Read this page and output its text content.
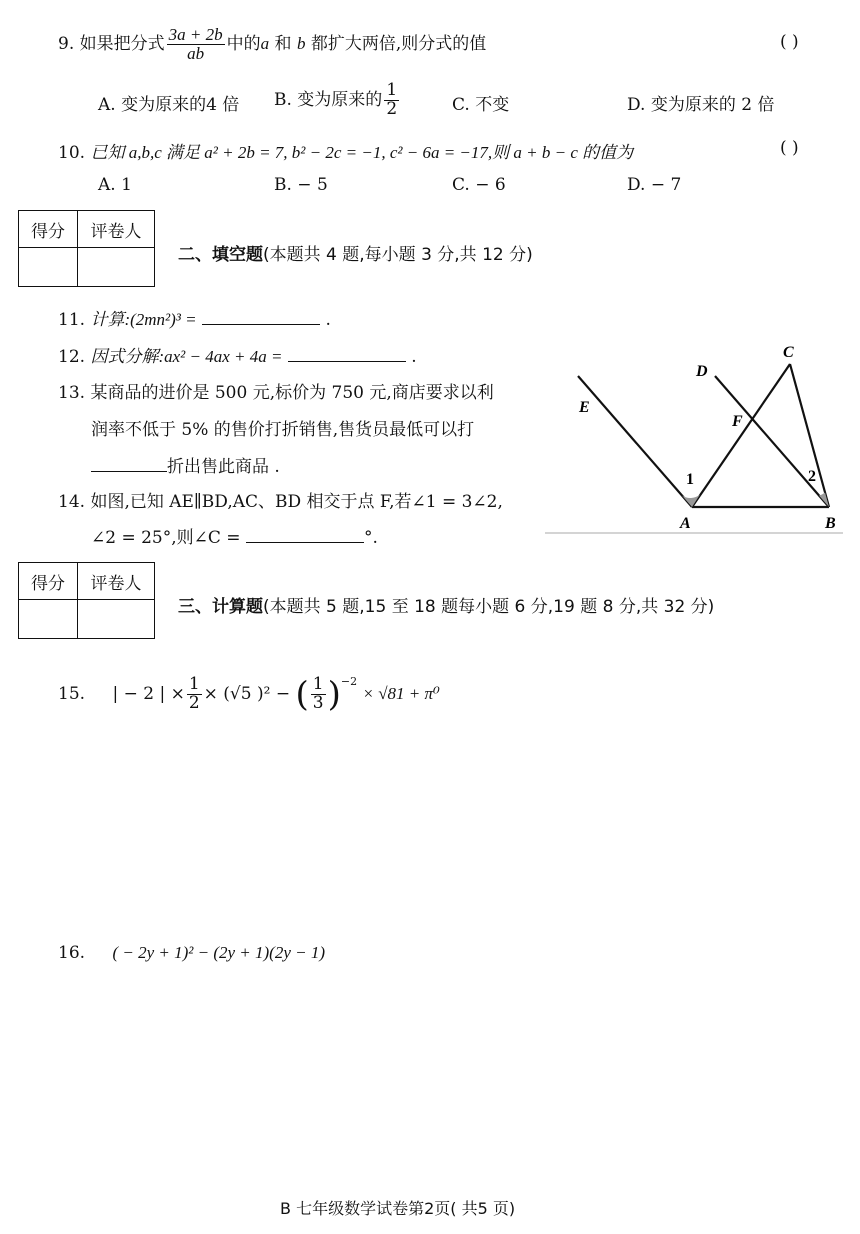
9. 如果把分式 $\frac{3a + 2b}{ab}$ 中的a 和 b 都扩大两倍,则分式的值	( )
A. 变为原来的4 倍 B. 变为原来的 $\frac{1}{2}$	C. 不变	D. 变为原来的 2 倍
10. 已知 a,b,c 满足 a² + 2b = 7, b² − 2c = −1, c² − 6a = −17,则 a + b − c 的值为	( )
A. 1	B. − 5	C. − 6	D. − 7
得分	评卷人

二、填空题(本题共 4 题,每小题 3 分,共 12 分)
11. 计算:(2mn²)³ =	.
12. 因式分解:ax² − 4ax + 4a =	.
13. 某商品的进价是 500 元,标价为 750 元,商店要求以利
润率不低于 5% 的售价打折销售,售货员最低可以打
折出售此商品 .
14. 如图,已知 AE∥BD,AC、BD 相交于点 F,若∠1 = 3∠2,
∠2 = 25°,则∠C =	°.
E
D
C
F
1	2
A	B
得分	评卷人

三、计算题(本题共 5 题,15 至 18 题每小题 6 分,19 题 8 分,共 32 分)
15. | − 2 | × $\frac{1}{2} \times (√5$ )² − ( $\frac{1}{3} )^{-2} \times √81 + \pi^0$
16. ( − 2y + 1)² − (2y + 1)(2y − 1)
B 七年级数学试卷第2页( 共5 页)
